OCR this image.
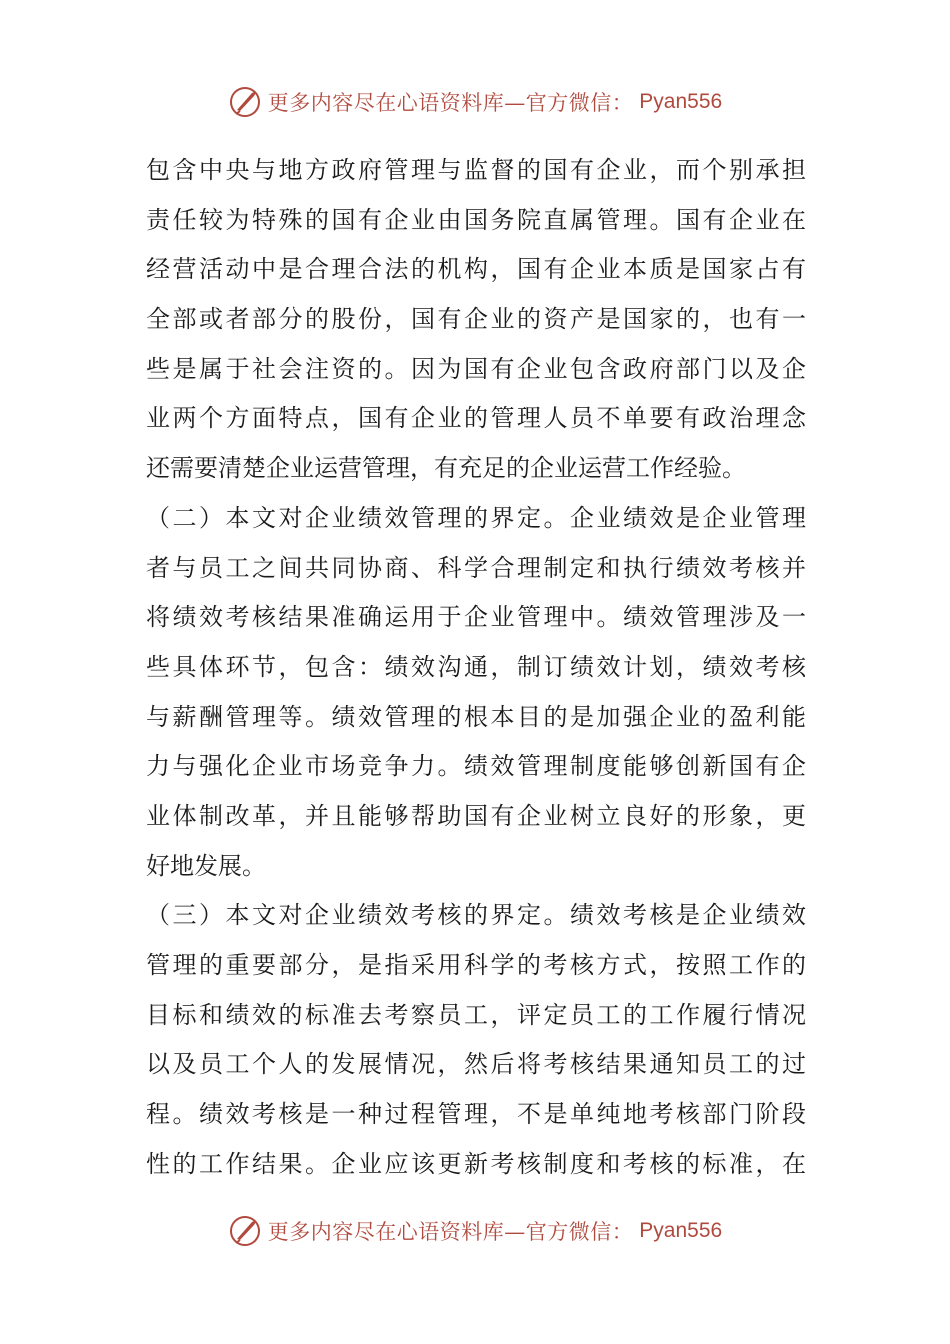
更多内容尽在心语资料库—官方微信： Pyan556
包含中央与地方政府管理与监督的国有企业，而个别承担
责任较为特殊的国有企业由国务院直属管理。国有企业在
经营活动中是合理合法的机构，国有企业本质是国家占有
全部或者部分的股份，国有企业的资产是国家的，也有一
些是属于社会注资的。因为国有企业包含政府部门以及企
业两个方面特点，国有企业的管理人员不单要有政治理念
还需要清楚企业运营管理，有充足的企业运营工作经验。
（二）本文对企业绩效管理的界定。企业绩效是企业管理
者与员工之间共同协商、科学合理制定和执行绩效考核并
将绩效考核结果准确运用于企业管理中。绩效管理涉及一
些具体环节，包含：绩效沟通，制订绩效计划，绩效考核
与薪酬管理等。绩效管理的根本目的是加强企业的盈利能
力与强化企业市场竞争力。绩效管理制度能够创新国有企
业体制改革，并且能够帮助国有企业树立良好的形象，更
好地发展。
（三）本文对企业绩效考核的界定。绩效考核是企业绩效
管理的重要部分，是指采用科学的考核方式，按照工作的
目标和绩效的标准去考察员工，评定员工的工作履行情况
以及员工个人的发展情况，然后将考核结果通知员工的过
程。绩效考核是一种过程管理，不是单纯地考核部门阶段
性的工作结果。企业应该更新考核制度和考核的标准，在
更多内容尽在心语资料库—官方微信： Pyan556
